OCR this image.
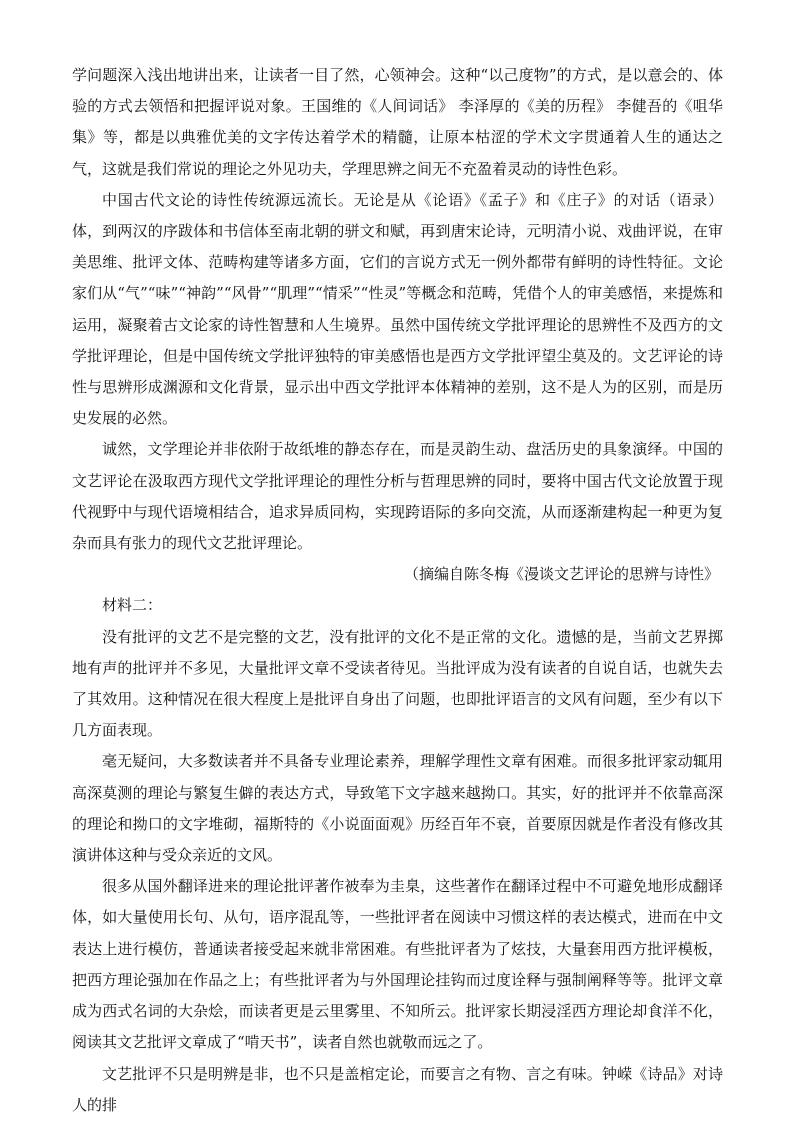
学问题深入浅出地讲出来，让读者一目了然，心领神会。这种“以己度物”的方式，是以意会的、体验的方式去领悟和把握评说对象。王国维的《人间词话》 李泽厚的《美的历程》 李健吾的《咀华集》等，都是以典雅优美的文字传达着学术的精髓，让原本枯涩的学术文字贯通着人生的通达之气，这就是我们常说的理论之外见功夫，学理思辨之间无不充盈着灵动的诗性色彩。

中国古代文论的诗性传统源远流长。无论是从《论语》《孟子》和《庄子》的对话（语录）体，到两汉的序跋体和书信体至南北朝的骈文和赋，再到唐宋论诗，元明清小说、戏曲评说，在审美思维、批评文体、范畴构建等诸多方面，它们的言说方式无一例外都带有鲜明的诗性特征。文论家们从“气”“味”“神韵”“风骨”“肌理”“情采”“性灵”等概念和范畴，凭借个人的审美感悟，来提炼和运用，凝聚着古文论家的诗性智慧和人生境界。虽然中国传统文学批评理论的思辨性不及西方的文学批评理论，但是中国传统文学批评独特的审美感悟也是西方文学批评望尘莫及的。文艺评论的诗性与思辨形成渊源和文化背景，显示出中西文学批评本体精神的差别，这不是人为的区别，而是历史发展的必然。

诚然，文学理论并非依附于故纸堆的静态存在，而是灵韵生动、盘活历史的具象演绎。中国的文艺评论在汲取西方现代文学批评理论的理性分析与哲理思辨的同时，要将中国古代文论放置于现代视野中与现代语境相结合，追求异质同构，实现跨语际的多向交流，从而逐渐建构起一种更为复杂而具有张力的现代文艺批评理论。

（摘编自陈冬梅《漫谈文艺评论的思辨与诗性》

材料二：

没有批评的文艺不是完整的文艺，没有批评的文化不是正常的文化。遗憾的是，当前文艺界掷地有声的批评并不多见，大量批评文章不受读者待见。当批评成为没有读者的自说自话，也就失去了其效用。这种情况在很大程度上是批评自身出了问题，也即批评语言的文风有问题，至少有以下几方面表现。

毫无疑问，大多数读者并不具备专业理论素养，理解学理性文章有困难。而很多批评家动辄用高深莫测的理论与繁复生僻的表达方式，导致笔下文字越来越拗口。其实，好的批评并不依靠高深的理论和拗口的文字堆砌，福斯特的《小说面面观》历经百年不衰，首要原因就是作者没有修改其演讲体这种与受众亲近的文风。

很多从国外翻译进来的理论批评著作被奉为圭臬，这些著作在翻译过程中不可避免地形成翻译体，如大量使用长句、从句，语序混乱等，一些批评者在阅读中习惯这样的表达模式，进而在中文表达上进行模仿，普通读者接受起来就非常困难。有些批评者为了炫技，大量套用西方批评模板，把西方理论强加在作品之上；有些批评者为与外国理论挂钩而过度诠释与强制阐释等等。批评文章成为西式名词的大杂烩，而读者更是云里雾里、不知所云。批评家长期浸淫西方理论却食洋不化，阅读其文艺批评文章成了“啃天书”，读者自然也就敬而远之了。

文艺批评不只是明辨是非，也不只是盖棺定论，而要言之有物、言之有味。钟嵘《诗品》对诗人的排
